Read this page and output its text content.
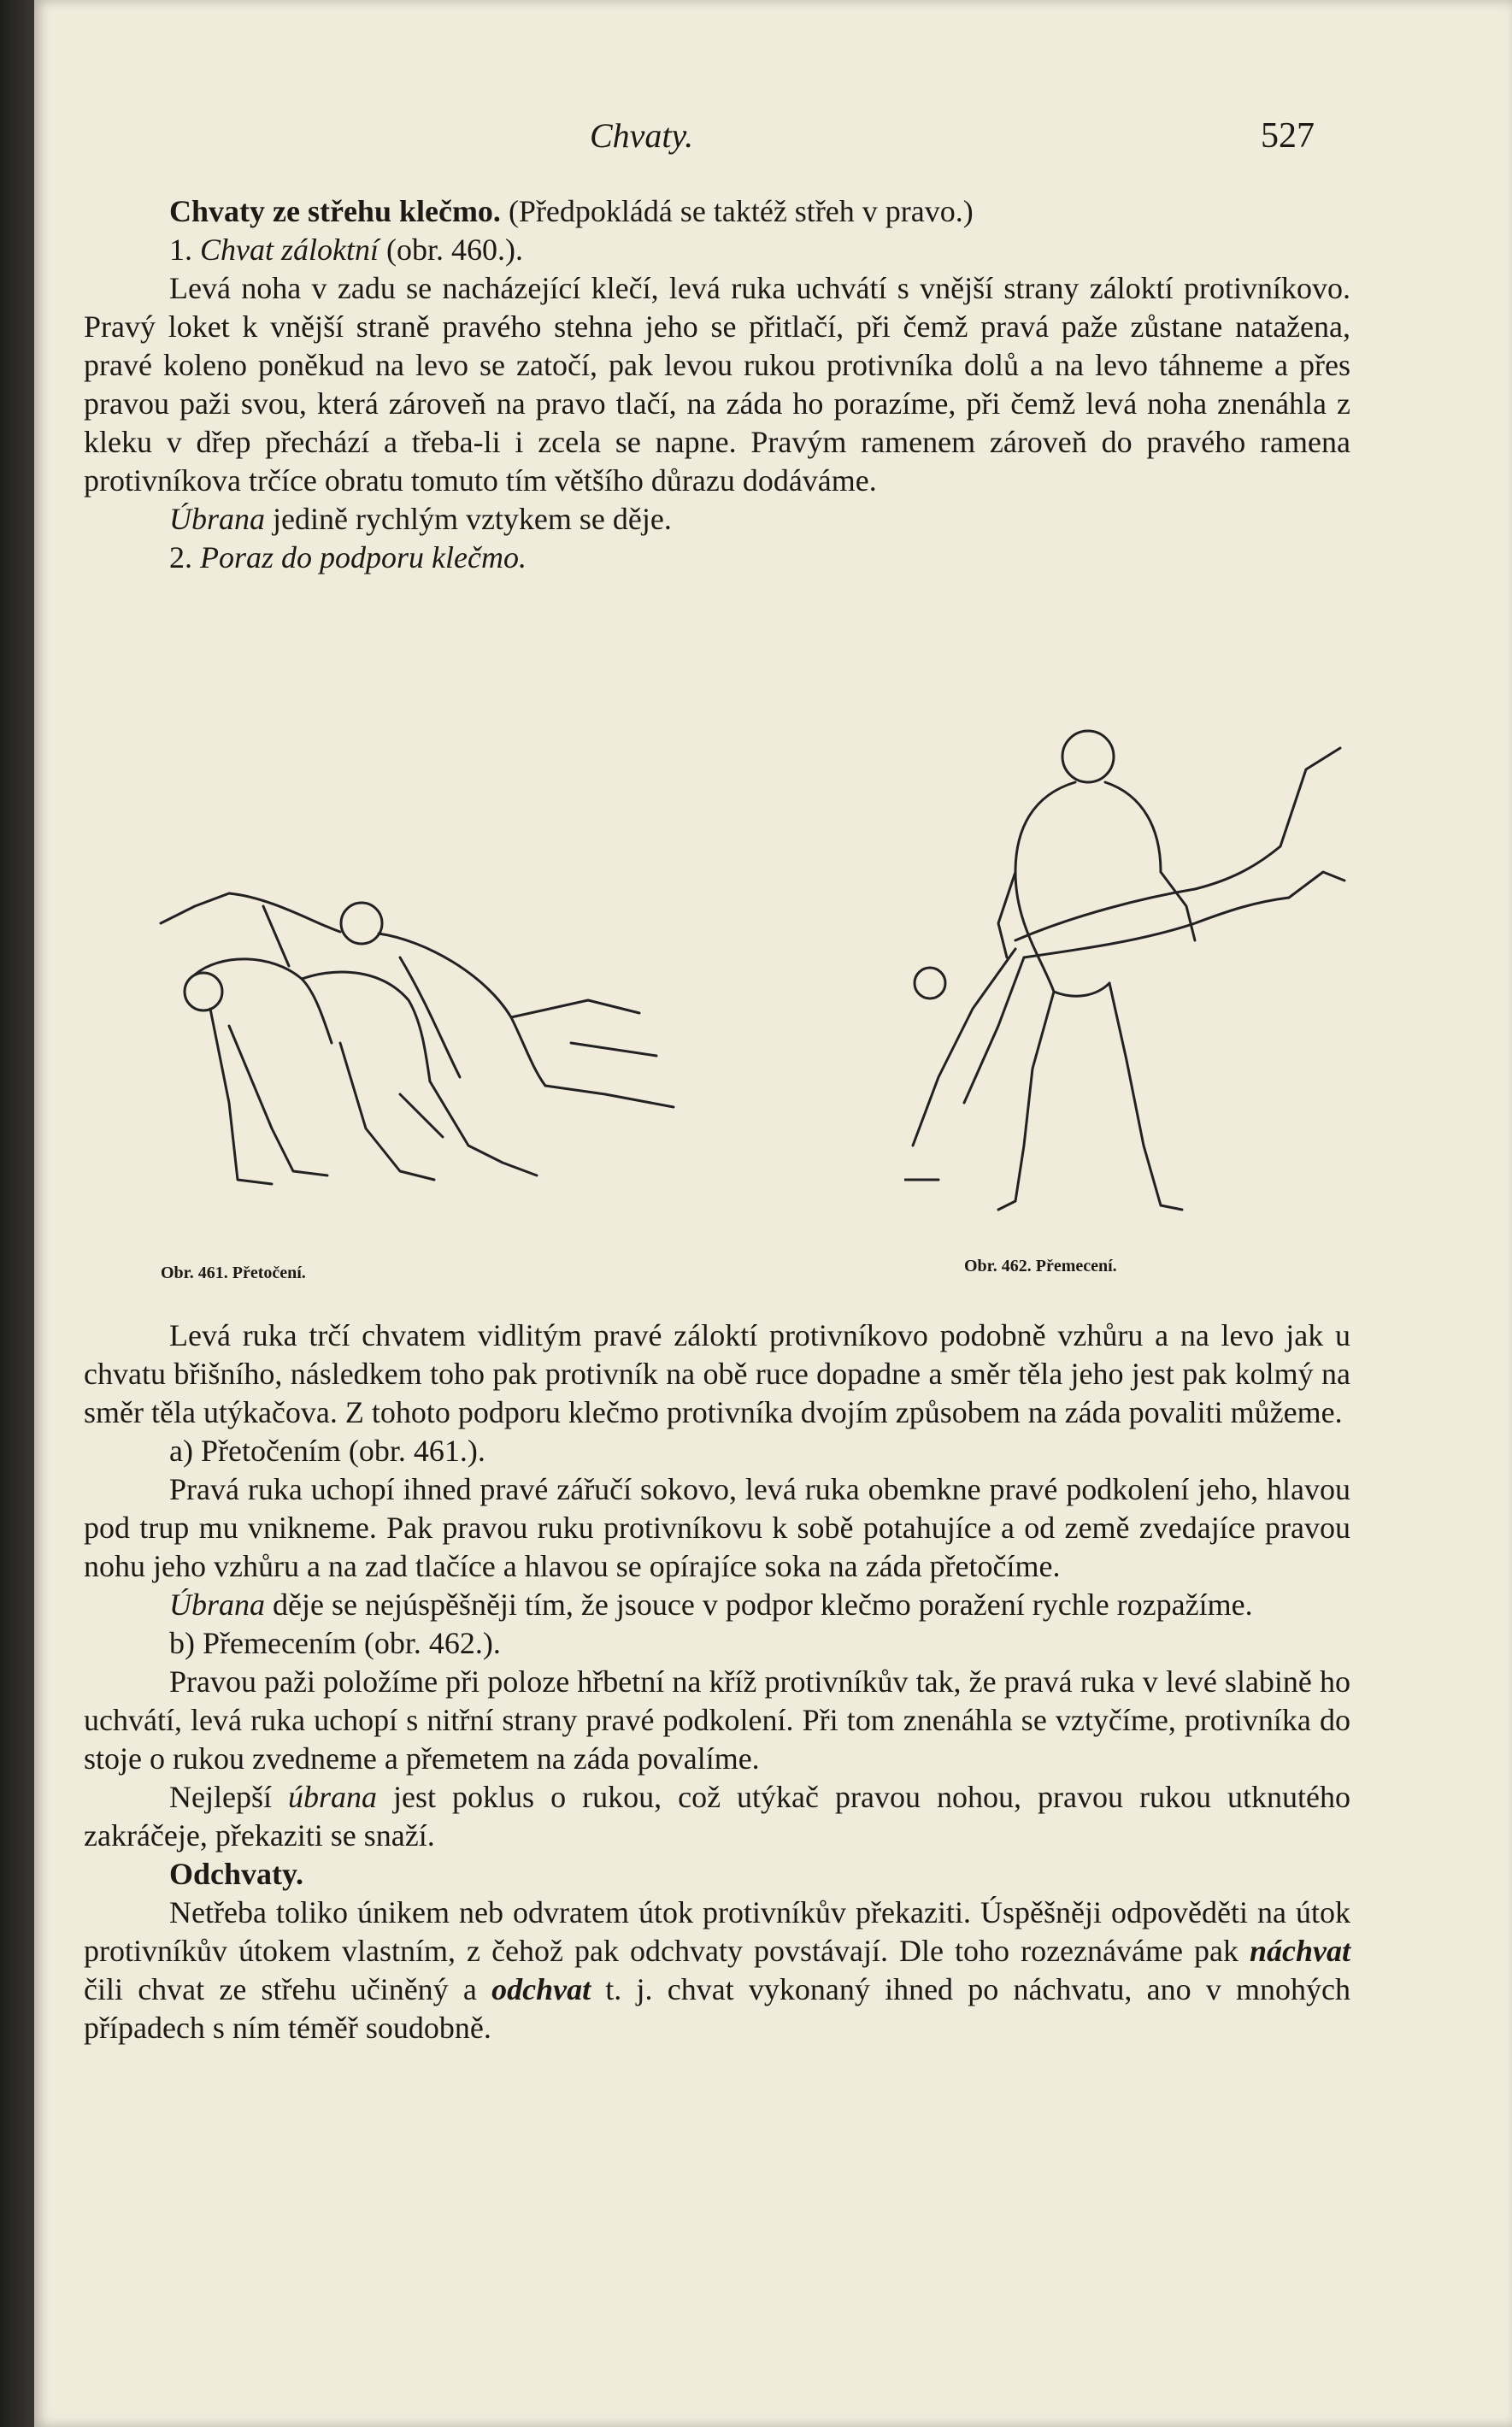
Chvaty.	527

Chvaty ze střehu klečmo. (Předpokládá se taktéž střeh v pravo.)

1. Chvat záloktní (obr. 460.).

Levá noha v zadu se nacházející klečí, levá ruka uchvátí s vnější strany záloktí protivníkovo. Pravý loket k vnější straně pravého stehna jeho se přitlačí, při čemž pravá paže zůstane natažena, pravé koleno poněkud na levo se zatočí, pak levou rukou protivníka dolů a na levo táhneme a přes pravou paži svou, která zároveň na pravo tlačí, na záda ho porazíme, při čemž levá noha znenáhla z kleku v dřep přechází a třeba-li i zcela se napne. Pravým ramenem zároveň do pravého ramena protivníkova trčíce obratu tomuto tím většího důrazu dodáváme.

Úbrana jedině rychlým vztykem se děje.

2. Poraz do podporu klečmo.

Obr. 461. Přetočení.	Obr. 462. Přemecení.

Levá ruka trčí chvatem vidlitým pravé záloktí protivníkovo podobně vzhůru a na levo jak u chvatu břišního, následkem toho pak protivník na obě ruce dopadne a směr těla jeho jest pak kolmý na směr těla utýkačova. Z tohoto podporu klečmo protivníka dvojím způsobem na záda povaliti můžeme.

a) Přetočením (obr. 461.).

Pravá ruka uchopí ihned pravé zářučí sokovo, levá ruka obemkne pravé podkolení jeho, hlavou pod trup mu vnikneme. Pak pravou ruku protivníkovu k sobě potahujíce a od země zvedajíce pravou nohu jeho vzhůru a na zad tlačíce a hlavou se opírajíce soka na záda přetočíme.

Úbrana děje se nejúspěšněji tím, že jsouce v podpor klečmo poražení rychle rozpažíme.

b) Přemecením (obr. 462.).

Pravou paži položíme při poloze hřbetní na kříž protivníkův tak, že pravá ruka v levé slabině ho uchvátí, levá ruka uchopí s nitřní strany pravé podkolení. Při tom znenáhla se vztyčíme, protivníka do stoje o rukou zvedneme a přemetem na záda povalíme.

Nejlepší úbrana jest poklus o rukou, což utýkač pravou nohou, pravou rukou utknutého zakráčeje, překaziti se snaží.

Odchvaty.

Netřeba toliko únikem neb odvratem útok protivníkův překaziti. Úspěšněji odpověděti na útok protivníkův útokem vlastním, z čehož pak odchvaty povstávají. Dle toho rozeznáváme pak náchvat čili chvat ze střehu učiněný a odchvat t. j. chvat vykonaný ihned po náchvatu, ano v mnohých případech s ním téměř soudobně.
